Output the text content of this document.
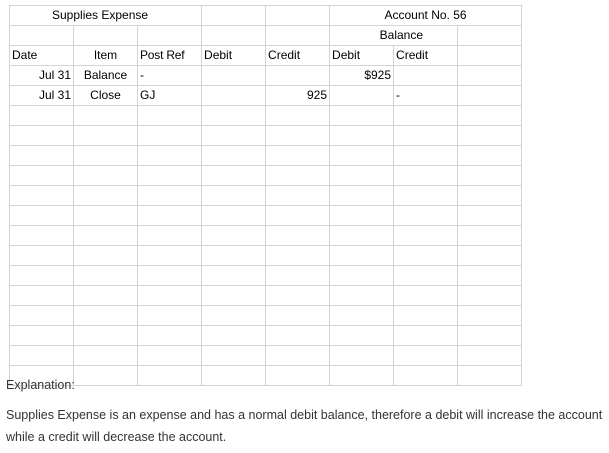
Supplies Expense					Account No. 56		
					Balance		
Date	Item	Post Ref	Debit	Credit	Debit	Credit	
Jul 31	Balance	-			$925		
Jul 31	Close	GJ		925		-	

Explanation:

Supplies Expense is an expense and has a normal debit balance, therefore a debit will increase the account while a credit will decrease the account.
